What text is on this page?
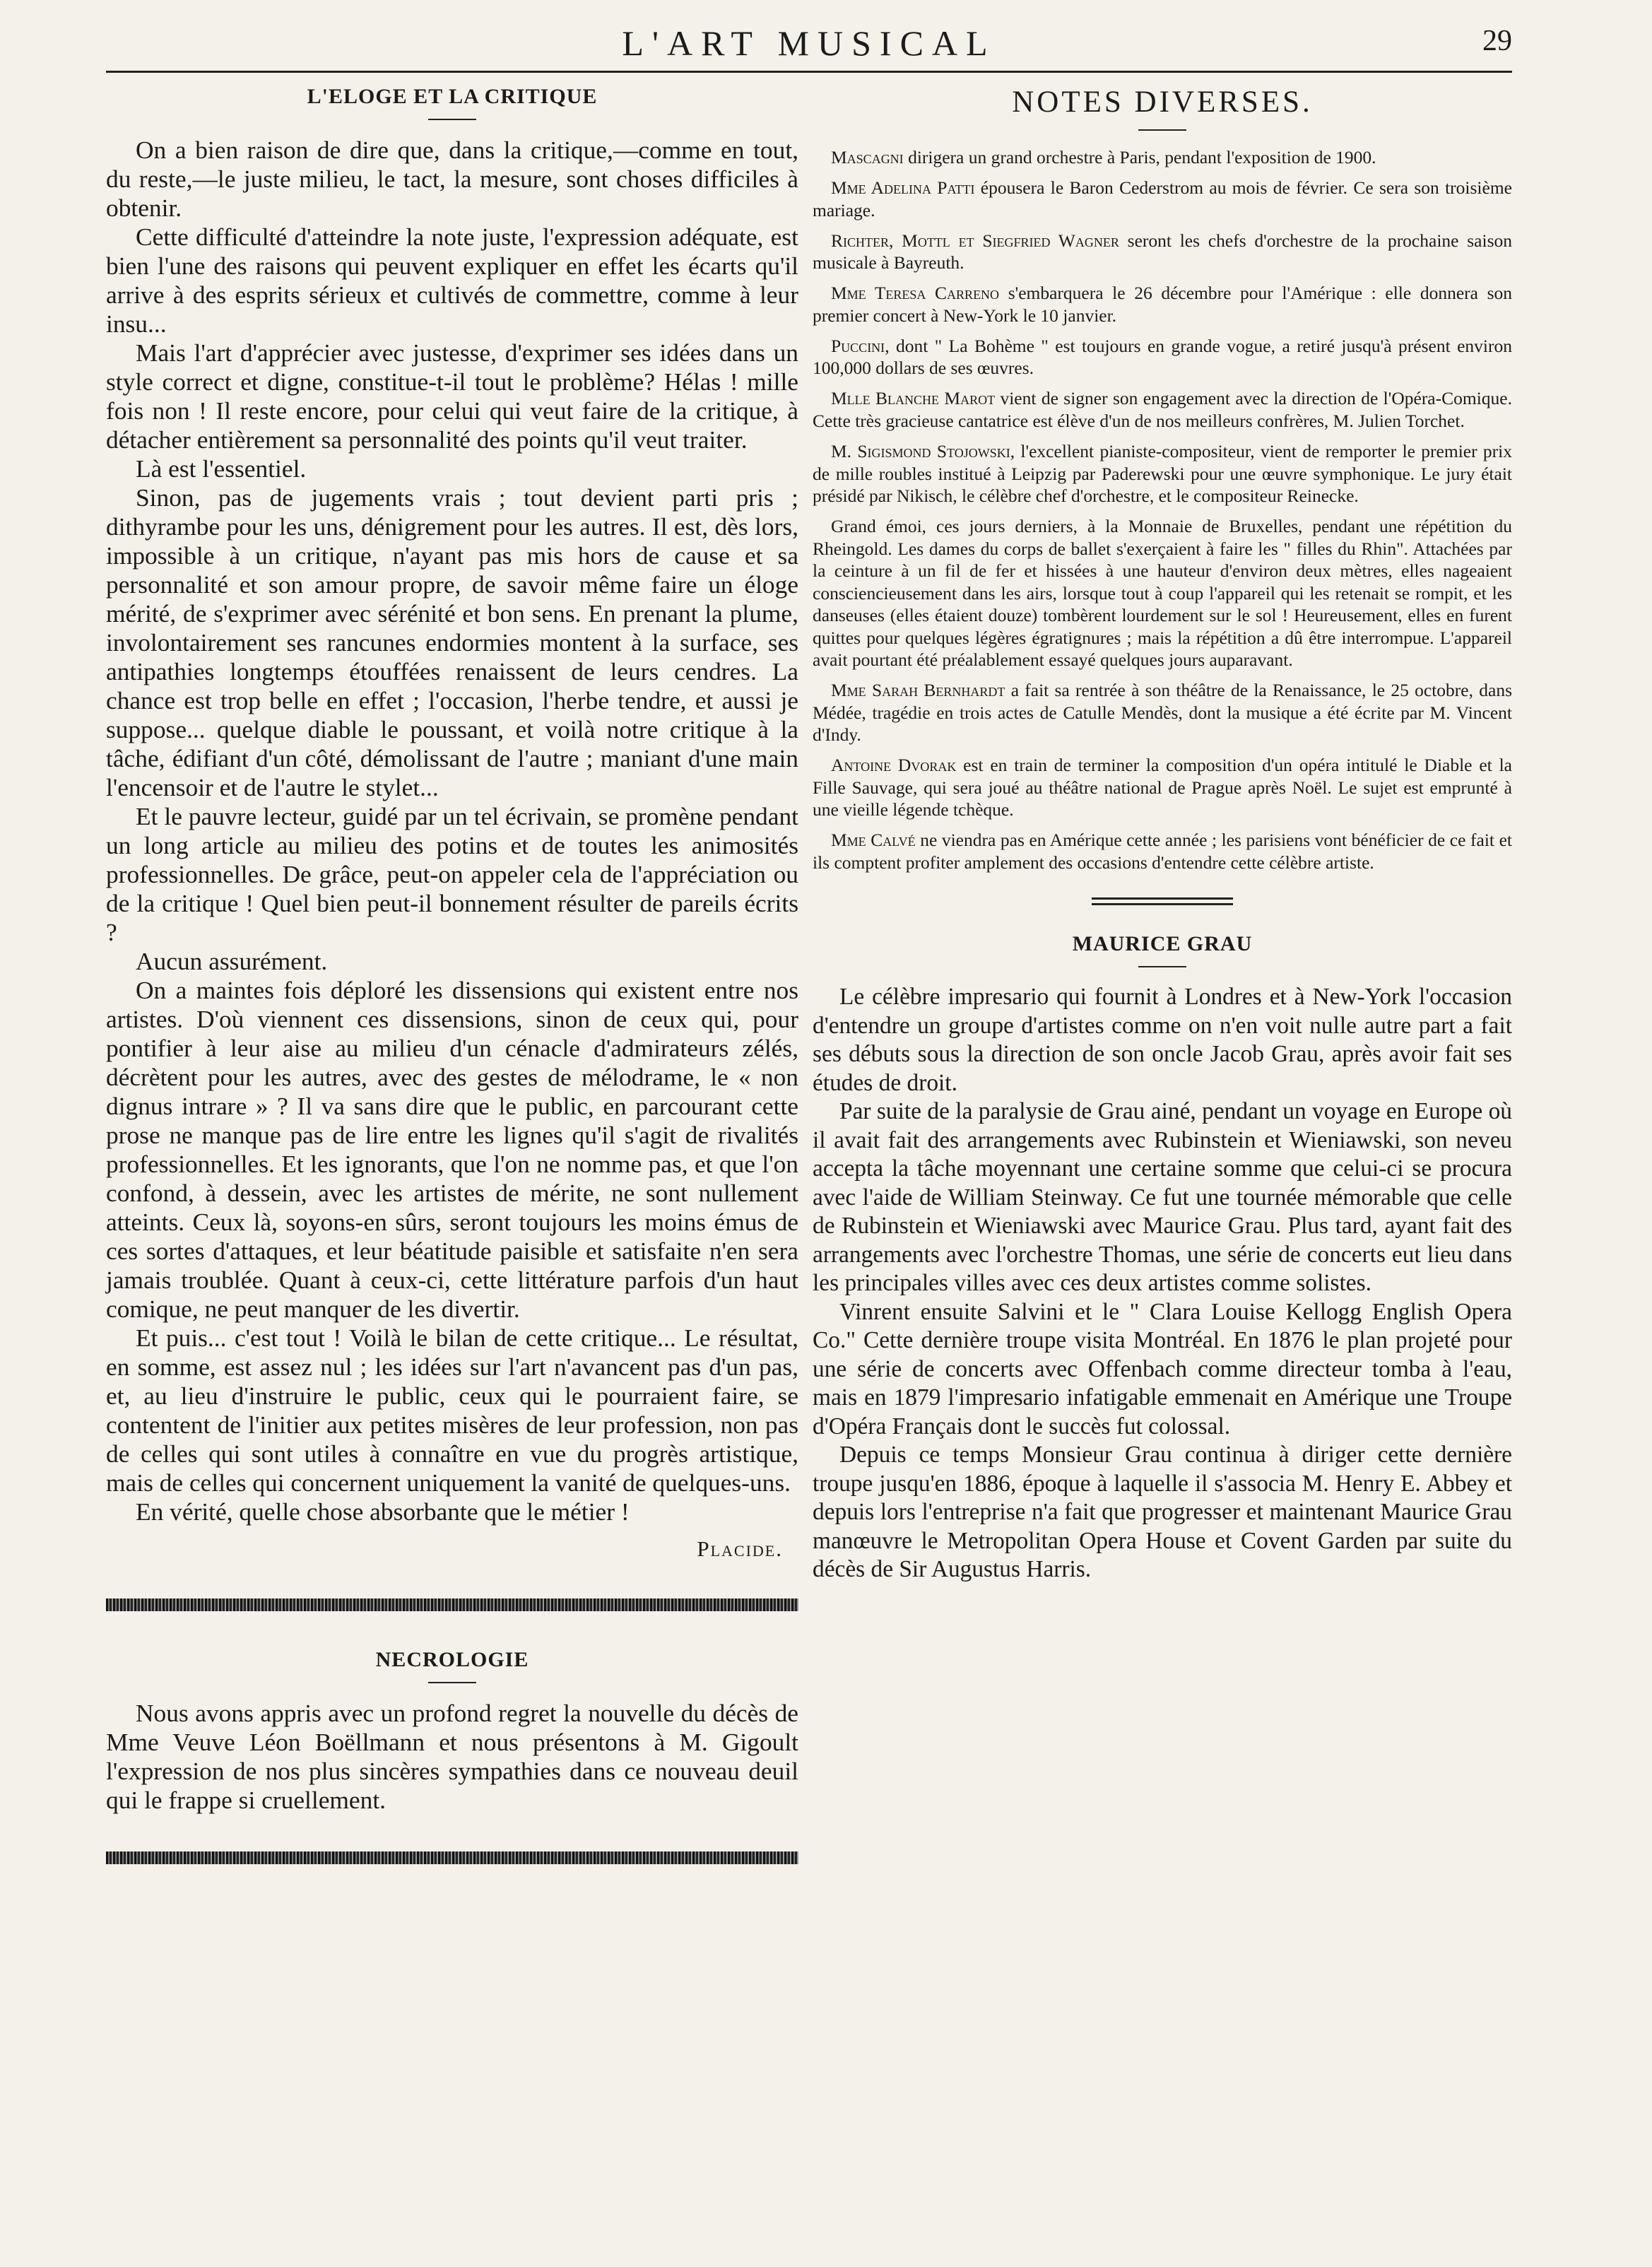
L'ART MUSICAL	29
L'ELOGE ET LA CRITIQUE

On a bien raison de dire que, dans la critique,—comme en tout, du reste,—le juste milieu, le tact, la mesure, sont choses difficiles à obtenir.

Cette difficulté d'atteindre la note juste, l'expression adéquate, est bien l'une des raisons qui peuvent expliquer en effet les écarts qu'il arrive à des esprits sérieux et cultivés de commettre, comme à leur insu...

Mais l'art d'apprécier avec justesse, d'exprimer ses idées dans un style correct et digne, constitue-t-il tout le problème? Hélas ! mille fois non ! Il reste encore, pour celui qui veut faire de la critique, à détacher entièrement sa personnalité des points qu'il veut traiter.

Là est l'essentiel.

Sinon, pas de jugements vrais ; tout devient parti pris ; dithyrambe pour les uns, dénigrement pour les autres. Il est, dès lors, impossible à un critique, n'ayant pas mis hors de cause et sa personnalité et son amour propre, de savoir même faire un éloge mérité, de s'exprimer avec sérénité et bon sens. En prenant la plume, involontairement ses rancunes endormies montent à la surface, ses antipathies longtemps étouffées renaissent de leurs cendres. La chance est trop belle en effet ; l'occasion, l'herbe tendre, et aussi je suppose... quelque diable le poussant, et voilà notre critique à la tâche, édifiant d'un côté, démolissant de l'autre ; maniant d'une main l'encensoir et de l'autre le stylet...

Et le pauvre lecteur, guidé par un tel écrivain, se promène pendant un long article au milieu des potins et de toutes les animosités professionnelles. De grâce, peut-on appeler cela de l'appréciation ou de la critique ! Quel bien peut-il bonnement résulter de pareils écrits ?

Aucun assurément.

On a maintes fois déploré les dissensions qui existent entre nos artistes. D'où viennent ces dissensions, sinon de ceux qui, pour pontifier à leur aise au milieu d'un cénacle d'admirateurs zélés, décrètent pour les autres, avec des gestes de mélodrame, le « non dignus intrare » ? Il va sans dire que le public, en parcourant cette prose ne manque pas de lire entre les lignes qu'il s'agit de rivalités professionnelles. Et les ignorants, que l'on ne nomme pas, et que l'on confond, à dessein, avec les artistes de mérite, ne sont nullement atteints. Ceux là, soyons-en sûrs, seront toujours les moins émus de ces sortes d'attaques, et leur béatitude paisible et satisfaite n'en sera jamais troublée. Quant à ceux-ci, cette littérature parfois d'un haut comique, ne peut manquer de les divertir.

Et puis... c'est tout ! Voilà le bilan de cette critique... Le résultat, en somme, est assez nul ; les idées sur l'art n'avancent pas d'un pas, et, au lieu d'instruire le public, ceux qui le pourraient faire, se contentent de l'initier aux petites misères de leur profession, non pas de celles qui sont utiles à connaître en vue du progrès artistique, mais de celles qui concernent uniquement la vanité de quelques-uns.

En vérité, quelle chose absorbante que le métier !

Placide.
NECROLOGIE

Nous avons appris avec un profond regret la nouvelle du décès de Mme Veuve Léon Boëllmann et nous présentons à M. Gigoult l'expression de nos plus sincères sympathies dans ce nouveau deuil qui le frappe si cruellement.

NOTES DIVERSES.

Mascagni dirigera un grand orchestre à Paris, pendant l'exposition de 1900.

Mme Adelina Patti épousera le Baron Cederstrom au mois de février. Ce sera son troisième mariage.

Richter, Mottl et Siegfried Wagner seront les chefs d'orchestre de la prochaine saison musicale à Bayreuth.

Mme Teresa Carreno s'embarquera le 26 décembre pour l'Amérique : elle donnera son premier concert à New-York le 10 janvier.

Puccini, dont " La Bohème " est toujours en grande vogue, a retiré jusqu'à présent environ 100,000 dollars de ses œuvres.

Mlle Blanche Marot vient de signer son engagement avec la direction de l'Opéra-Comique. Cette très gracieuse cantatrice est élève d'un de nos meilleurs confrères, M. Julien Torchet.

M. Sigismond Stojowski, l'excellent pianiste-compositeur, vient de remporter le premier prix de mille roubles institué à Leipzig par Paderewski pour une œuvre symphonique. Le jury était présidé par Nikisch, le célèbre chef d'orchestre, et le compositeur Reinecke.

Grand émoi, ces jours derniers, à la Monnaie de Bruxelles, pendant une répétition du Rheingold. Les dames du corps de ballet s'exerçaient à faire les " filles du Rhin". Attachées par la ceinture à un fil de fer et hissées à une hauteur d'environ deux mètres, elles nageaient consciencieusement dans les airs, lorsque tout à coup l'appareil qui les retenait se rompit, et les danseuses (elles étaient douze) tombèrent lourdement sur le sol ! Heureusement, elles en furent quittes pour quelques légères égratignures ; mais la répétition a dû être interrompue. L'appareil avait pourtant été préalablement essayé quelques jours auparavant.

Mme Sarah Bernhardt a fait sa rentrée à son théâtre de la Renaissance, le 25 octobre, dans Médée, tragédie en trois actes de Catulle Mendès, dont la musique a été écrite par M. Vincent d'Indy.

Antoine Dvorak est en train de terminer la composition d'un opéra intitulé le Diable et la Fille Sauvage, qui sera joué au théâtre national de Prague après Noël. Le sujet est emprunté à une vieille légende tchèque.

Mme Calvé ne viendra pas en Amérique cette année ; les parisiens vont bénéficier de ce fait et ils comptent profiter amplement des occasions d'entendre cette célèbre artiste.

MAURICE GRAU

Le célèbre impresario qui fournit à Londres et à New-York l'occasion d'entendre un groupe d'artistes comme on n'en voit nulle autre part a fait ses débuts sous la direction de son oncle Jacob Grau, après avoir fait ses études de droit.

Par suite de la paralysie de Grau ainé, pendant un voyage en Europe où il avait fait des arrangements avec Rubinstein et Wieniawski, son neveu accepta la tâche moyennant une certaine somme que celui-ci se procura avec l'aide de William Steinway. Ce fut une tournée mémorable que celle de Rubinstein et Wieniawski avec Maurice Grau. Plus tard, ayant fait des arrangements avec l'orchestre Thomas, une série de concerts eut lieu dans les principales villes avec ces deux artistes comme solistes.

Vinrent ensuite Salvini et le " Clara Louise Kellogg English Opera Co." Cette dernière troupe visita Montréal. En 1876 le plan projeté pour une série de concerts avec Offenbach comme directeur tomba à l'eau, mais en 1879 l'impresario infatigable emmenait en Amérique une Troupe d'Opéra Français dont le succès fut colossal.

Depuis ce temps Monsieur Grau continua à diriger cette dernière troupe jusqu'en 1886, époque à laquelle il s'associa M. Henry E. Abbey et depuis lors l'entreprise n'a fait que progresser et maintenant Maurice Grau manœuvre le Metropolitan Opera House et Covent Garden par suite du décès de Sir Augustus Harris.
